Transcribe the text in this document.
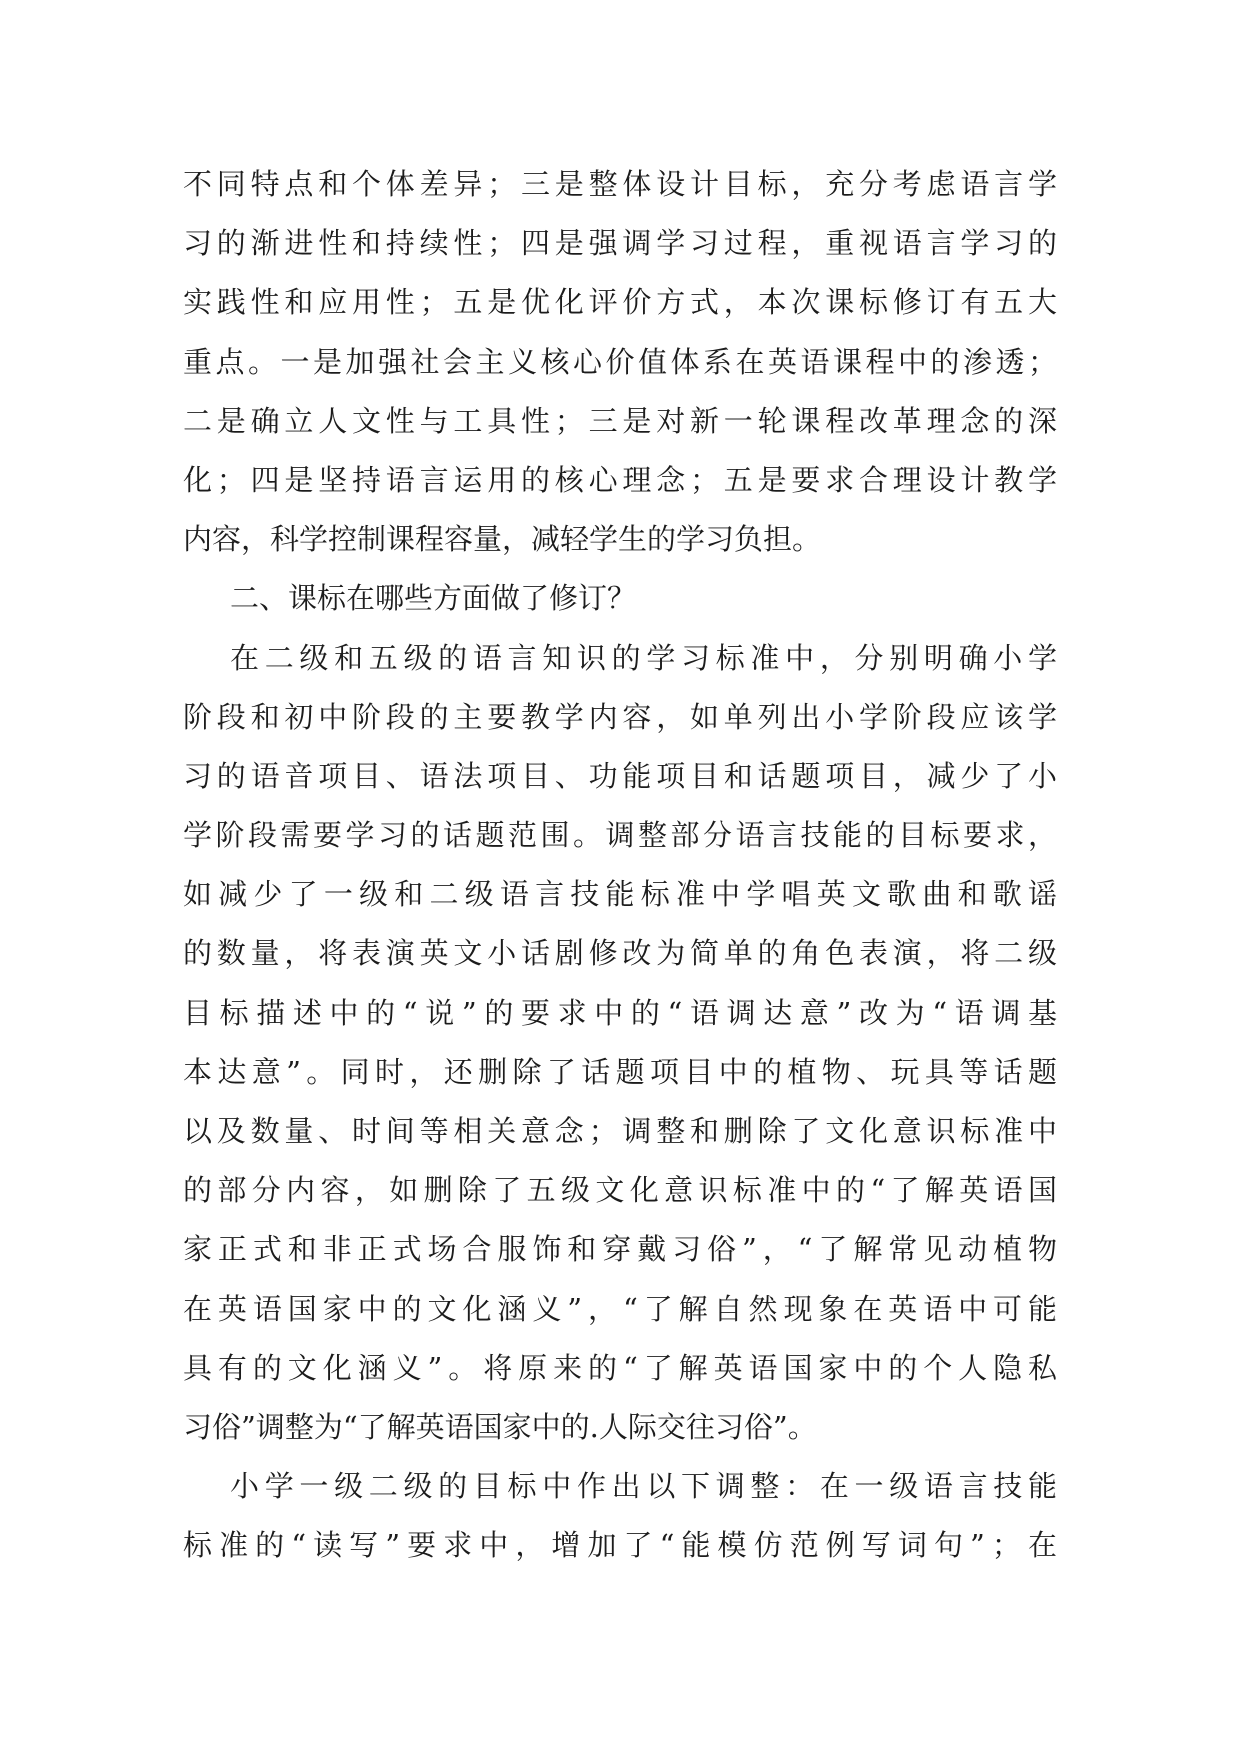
不同特点和个体差异；三是整体设计目标，充分考虑语言学
习的渐进性和持续性；四是强调学习过程，重视语言学习的
实践性和应用性；五是优化评价方式，本次课标修订有五大
重点。一是加强社会主义核心价值体系在英语课程中的渗透；
二是确立人文性与工具性；三是对新一轮课程改革理念的深
化；四是坚持语言运用的核心理念；五是要求合理设计教学
内容，科学控制课程容量，减轻学生的学习负担。
二、课标在哪些方面做了修订？
在二级和五级的语言知识的学习标准中，分别明确小学
阶段和初中阶段的主要教学内容，如单列出小学阶段应该学
习的语音项目、语法项目、功能项目和话题项目，减少了小
学阶段需要学习的话题范围。调整部分语言技能的目标要求，
如减少了一级和二级语言技能标准中学唱英文歌曲和歌谣
的数量，将表演英文小话剧修改为简单的角色表演，将二级
目标描述中的“说”的要求中的“语调达意”改为“语调基
本达意”。同时，还删除了话题项目中的植物、玩具等话题
以及数量、时间等相关意念；调整和删除了文化意识标准中
的部分内容，如删除了五级文化意识标准中的“了解英语国
家正式和非正式场合服饰和穿戴习俗”，“了解常见动植物
在英语国家中的文化涵义”，“了解自然现象在英语中可能
具有的文化涵义”。将原来的“了解英语国家中的个人隐私
习俗”调整为“了解英语国家中的.人际交往习俗”。
小学一级二级的目标中作出以下调整：在一级语言技能
标准的“读写”要求中，增加了“能模仿范例写词句”；在
